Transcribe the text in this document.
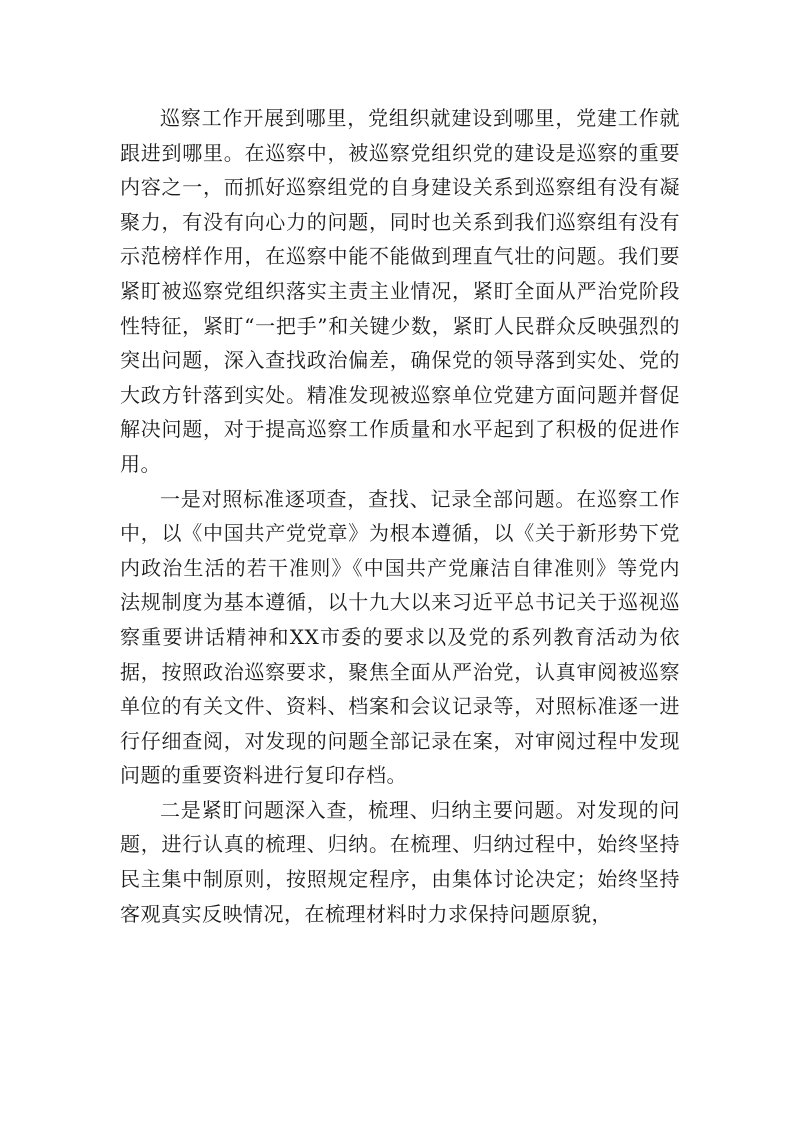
巡察工作开展到哪里，党组织就建设到哪里，党建工作就跟进到哪里。在巡察中，被巡察党组织党的建设是巡察的重要内容之一，而抓好巡察组党的自身建设关系到巡察组有没有凝聚力，有没有向心力的问题，同时也关系到我们巡察组有没有示范榜样作用，在巡察中能不能做到理直气壮的问题。我们要紧盯被巡察党组织落实主责主业情况，紧盯全面从严治党阶段性特征，紧盯“一把手”和关键少数，紧盯人民群众反映强烈的突出问题，深入查找政治偏差，确保党的领导落到实处、党的大政方针落到实处。精准发现被巡察单位党建方面问题并督促解决问题，对于提高巡察工作质量和水平起到了积极的促进作用。

一是对照标准逐项查，查找、记录全部问题。在巡察工作中，以《中国共产党党章》为根本遵循，以《关于新形势下党内政治生活的若干准则》《中国共产党廉洁自律准则》等党内法规制度为基本遵循，以十九大以来习近平总书记关于巡视巡察重要讲话精神和XX市委的要求以及党的系列教育活动为依据，按照政治巡察要求，聚焦全面从严治党，认真审阅被巡察单位的有关文件、资料、档案和会议记录等，对照标准逐一进行仔细查阅，对发现的问题全部记录在案，对审阅过程中发现问题的重要资料进行复印存档。

二是紧盯问题深入查，梳理、归纳主要问题。对发现的问题，进行认真的梳理、归纳。在梳理、归纳过程中，始终坚持民主集中制原则，按照规定程序，由集体讨论决定；始终坚持客观真实反映情况，在梳理材料时力求保持问题原貌，
